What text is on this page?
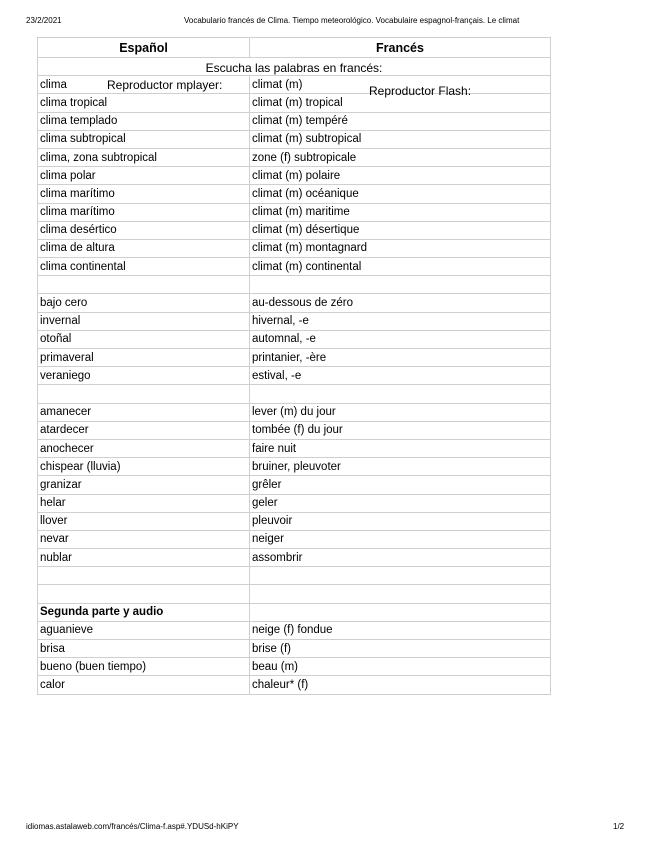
23/2/2021	Vocabulario francés de Clima. Tiempo meteorológico. Vocabulaire espagnol-français. Le climat
Español	Francés

Escucha las palabras en francés:
Reproductor mplayer: Reproductor Flash:	

clima	climat (m)
clima tropical	climat (m) tropical
clima templado	climat (m) tempéré
clima subtropical	climat (m) subtropical
clima, zona subtropical	zone (f) subtropicale
clima polar	climat (m) polaire
clima marítimo	climat (m) océanique
clima marítimo	climat (m) maritime
clima desértico	climat (m) désertique
clima de altura	climat (m) montagnard
clima continental	climat (m) continental

bajo cero	au-dessous de zéro
invernal	hivernal, -e
otoñal	automnal, -e
primaveral	printanier, -ère
veraniego	estival, -e

amanecer	lever (m) du jour
atardecer	tombée (f) du jour
anochecer	faire nuit
chispear (lluvia)	bruiner, pleuvoter
granizar	grêler
helar	geler
llover	pleuvoir
nevar	neiger
nublar	assombrir

Segunda parte y audio	
aguanieve	neige (f) fondue
brisa	brise (f)
bueno (buen tiempo)	beau (m)
calor	chaleur* (f)
idiomas.astalaweb.com/francés/Clima-f.asp#.YDUSd-hKiPY	1/2
